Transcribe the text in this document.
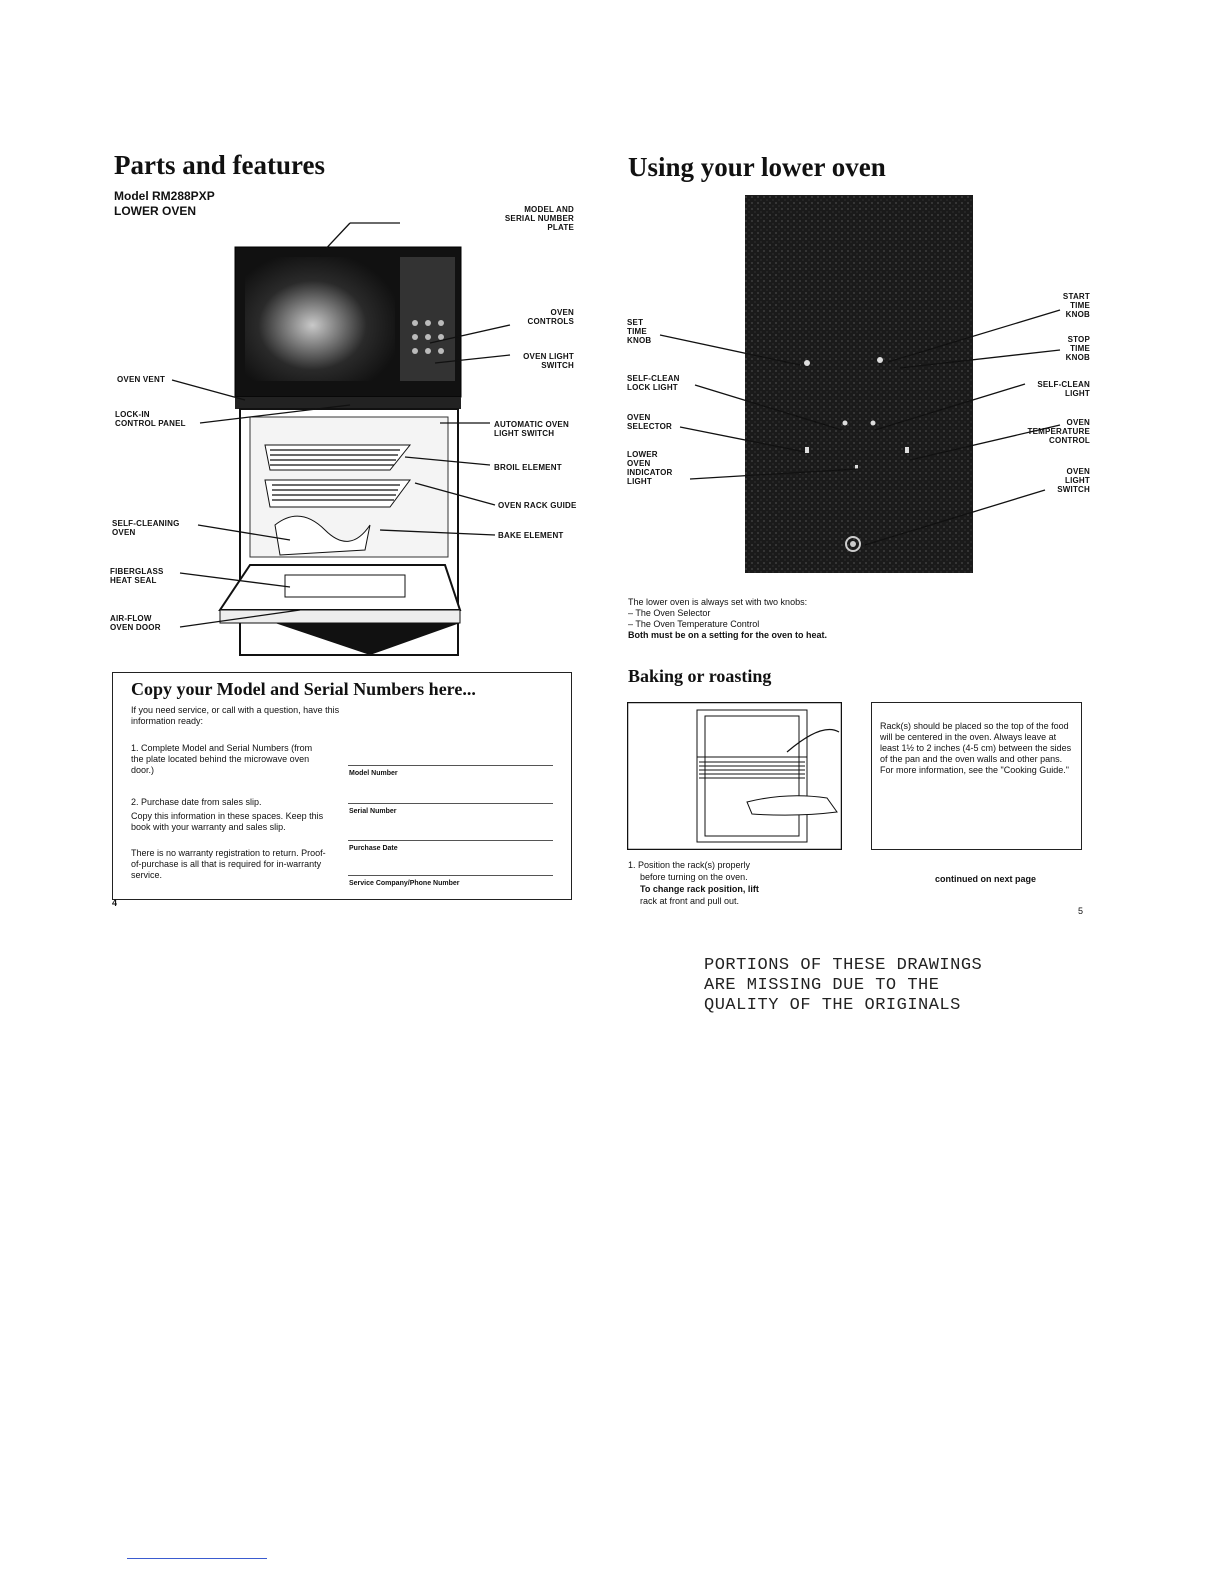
Parts and features
Model RM288PXP
LOWER OVEN	MODEL AND
SERIAL NUMBER
PLATE
OVEN
CONTROLS
OVEN LIGHT
SWITCH
OVEN VENT
LOCK-IN
CONTROL PANEL	AUTOMATIC OVEN
LIGHT SWITCH
BROIL ELEMENT
OVEN RACK GUIDE
SELF-CLEANING
OVEN	BAKE ELEMENT
FIBERGLASS
HEAT SEAL
AIR-FLOW
OVEN DOOR
Copy your Model and Serial Numbers here...
If you need service, or call with a question, have this information ready:
1. Complete Model and Serial Numbers (from the plate located behind the microwave oven door.)
2. Purchase date from sales slip.
Copy this information in these spaces. Keep this book with your warranty and sales slip.
There is no warranty registration to return. Proof-of-purchase is all that is required for in-warranty service.
Model Number
Serial Number
Purchase Date
Service Company/Phone Number
4
Using your lower oven
SET
TIME
KNOB
SELF-CLEAN
LOCK LIGHT
OVEN
SELECTOR
LOWER
OVEN
INDICATOR
LIGHT
START
TIME
KNOB
STOP
TIME
KNOB
SELF-CLEAN
LIGHT
OVEN
TEMPERATURE
CONTROL
OVEN
LIGHT
SWITCH
The lower oven is always set with two knobs:
– The Oven Selector
– The Oven Temperature Control
Both must be on a setting for the oven to heat.
Baking or roasting
Rack(s) should be placed so the top of the food will be centered in the oven. Always leave at least 1½ to 2 inches (4-5 cm) between the sides of the pan and the oven walls and other pans. For more information, see the "Cooking Guide."
1. Position the rack(s) properly
before turning on the oven.
To change rack position, lift
rack at front and pull out.
continued on next page
5
PORTIONS OF THESE DRAWINGS
ARE MISSING DUE TO THE
QUALITY OF THE ORIGINALS
